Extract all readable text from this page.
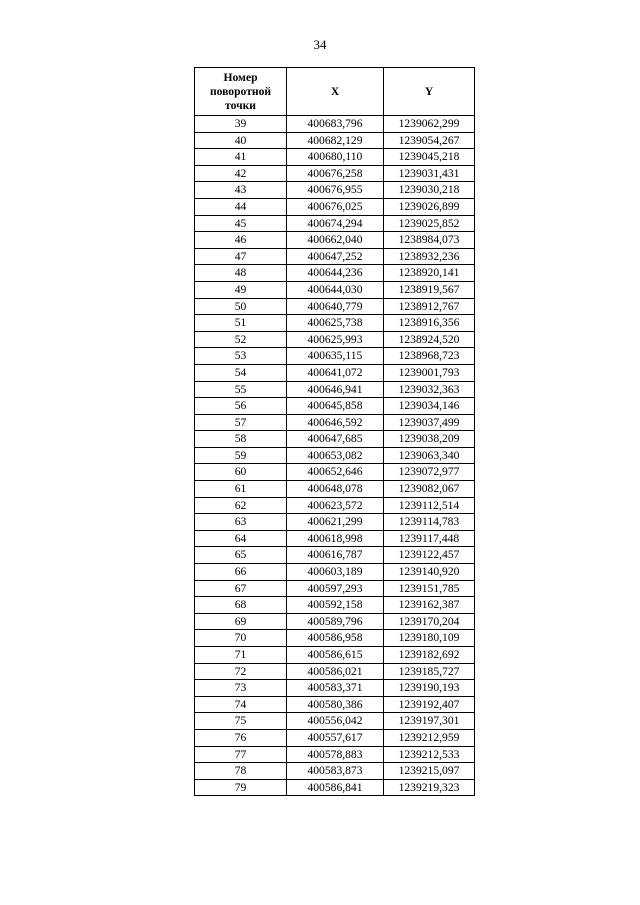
34
Номер поворотной точки	X	Y
39	400683,796	1239062,299
40	400682,129	1239054,267
41	400680,110	1239045,218
42	400676,258	1239031,431
43	400676,955	1239030,218
44	400676,025	1239026,899
45	400674,294	1239025,852
46	400662,040	1238984,073
47	400647,252	1238932,236
48	400644,236	1238920,141
49	400644,030	1238919,567
50	400640,779	1238912,767
51	400625,738	1238916,356
52	400625,993	1238924,520
53	400635,115	1238968,723
54	400641,072	1239001,793
55	400646,941	1239032,363
56	400645,858	1239034,146
57	400646,592	1239037,499
58	400647,685	1239038,209
59	400653,082	1239063,340
60	400652,646	1239072,977
61	400648,078	1239082,067
62	400623,572	1239112,514
63	400621,299	1239114,783
64	400618,998	1239117,448
65	400616,787	1239122,457
66	400603,189	1239140,920
67	400597,293	1239151,785
68	400592,158	1239162,387
69	400589,796	1239170,204
70	400586,958	1239180,109
71	400586,615	1239182,692
72	400586,021	1239185,727
73	400583,371	1239190,193
74	400580,386	1239192,407
75	400556,042	1239197,301
76	400557,617	1239212,959
77	400578,883	1239212,533
78	400583,873	1239215,097
79	400586,841	1239219,323
